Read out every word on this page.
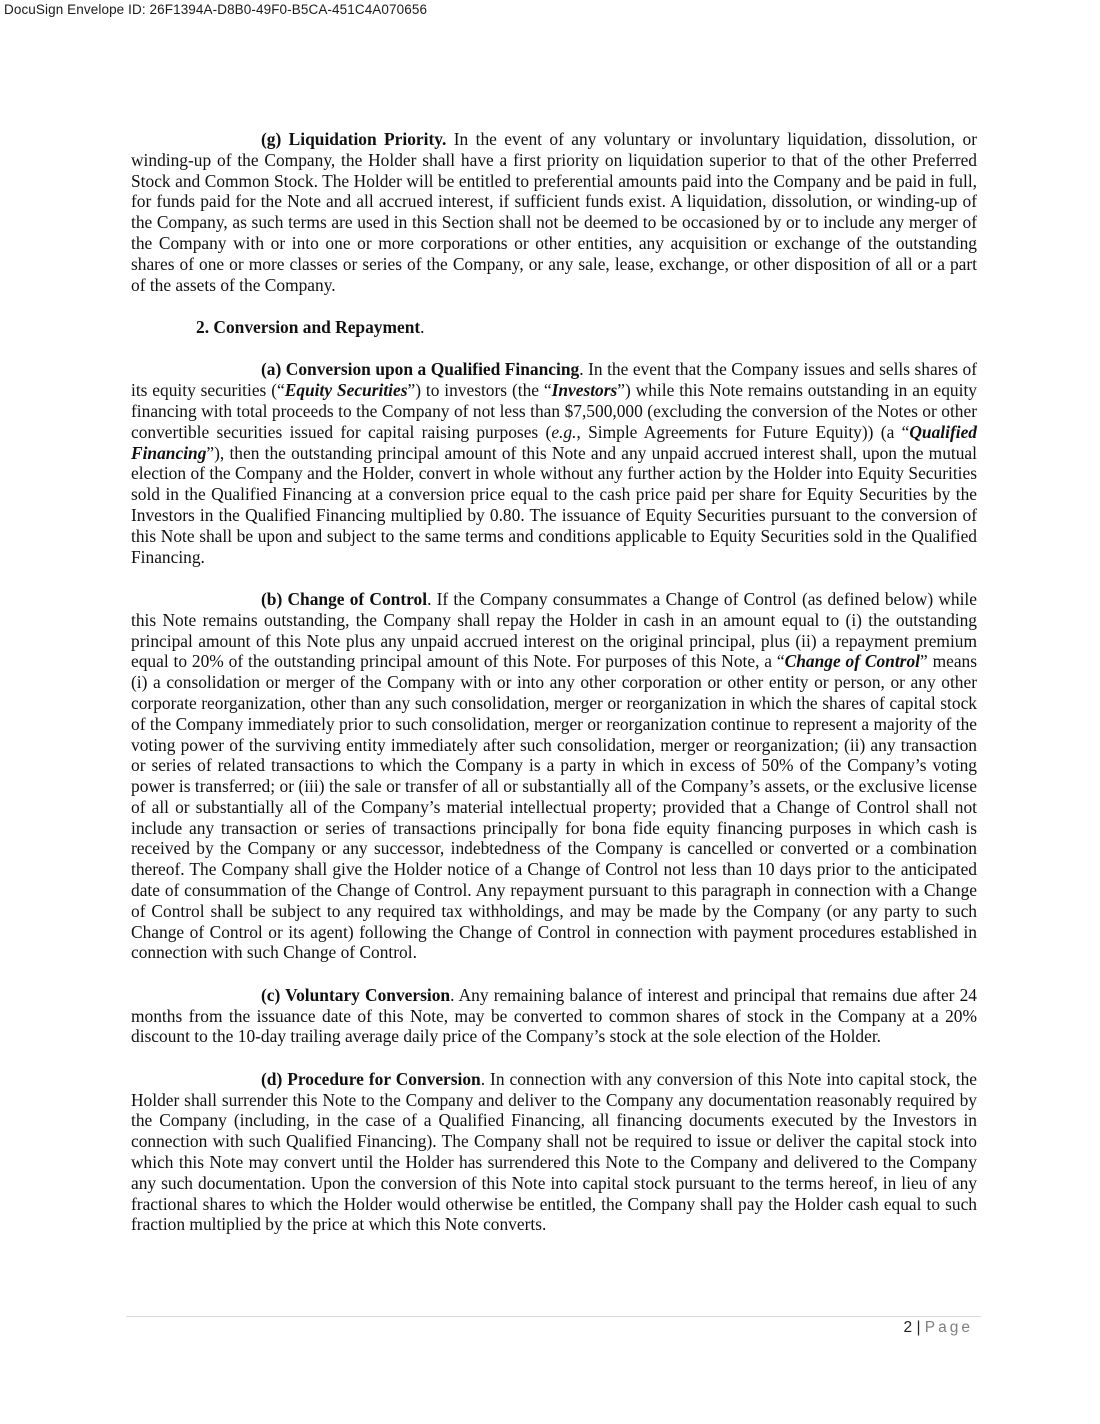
DocuSign Envelope ID: 26F1394A-D8B0-49F0-B5CA-451C4A070656

(g) Liquidation Priority. In the event of any voluntary or involuntary liquidation, dissolution, or winding-up of the Company, the Holder shall have a first priority on liquidation superior to that of the other Preferred Stock and Common Stock. The Holder will be entitled to preferential amounts paid into the Company and be paid in full, for funds paid for the Note and all accrued interest, if sufficient funds exist. A liquidation, dissolution, or winding-up of the Company, as such terms are used in this Section shall not be deemed to be occasioned by or to include any merger of the Company with or into one or more corporations or other entities, any acquisition or exchange of the outstanding shares of one or more classes or series of the Company, or any sale, lease, exchange, or other disposition of all or a part of the assets of the Company.

2. Conversion and Repayment.

(a) Conversion upon a Qualified Financing. In the event that the Company issues and sells shares of its equity securities (“Equity Securities”) to investors (the “Investors”) while this Note remains outstanding in an equity financing with total proceeds to the Company of not less than $7,500,000 (excluding the conversion of the Notes or other convertible securities issued for capital raising purposes (e.g., Simple Agreements for Future Equity)) (a “Qualified Financing”), then the outstanding principal amount of this Note and any unpaid accrued interest shall, upon the mutual election of the Company and the Holder, convert in whole without any further action by the Holder into Equity Securities sold in the Qualified Financing at a conversion price equal to the cash price paid per share for Equity Securities by the Investors in the Qualified Financing multiplied by 0.80. The issuance of Equity Securities pursuant to the conversion of this Note shall be upon and subject to the same terms and conditions applicable to Equity Securities sold in the Qualified Financing.

(b) Change of Control. If the Company consummates a Change of Control (as defined below) while this Note remains outstanding, the Company shall repay the Holder in cash in an amount equal to (i) the outstanding principal amount of this Note plus any unpaid accrued interest on the original principal, plus (ii) a repayment premium equal to 20% of the outstanding principal amount of this Note. For purposes of this Note, a “Change of Control” means (i) a consolidation or merger of the Company with or into any other corporation or other entity or person, or any other corporate reorganization, other than any such consolidation, merger or reorganization in which the shares of capital stock of the Company immediately prior to such consolidation, merger or reorganization continue to represent a majority of the voting power of the surviving entity immediately after such consolidation, merger or reorganization; (ii) any transaction or series of related transactions to which the Company is a party in which in excess of 50% of the Company’s voting power is transferred; or (iii) the sale or transfer of all or substantially all of the Company’s assets, or the exclusive license of all or substantially all of the Company’s material intellectual property; provided that a Change of Control shall not include any transaction or series of transactions principally for bona fide equity financing purposes in which cash is received by the Company or any successor, indebtedness of the Company is cancelled or converted or a combination thereof. The Company shall give the Holder notice of a Change of Control not less than 10 days prior to the anticipated date of consummation of the Change of Control. Any repayment pursuant to this paragraph in connection with a Change of Control shall be subject to any required tax withholdings, and may be made by the Company (or any party to such Change of Control or its agent) following the Change of Control in connection with payment procedures established in connection with such Change of Control.

(c) Voluntary Conversion. Any remaining balance of interest and principal that remains due after 24 months from the issuance date of this Note, may be converted to common shares of stock in the Company at a 20% discount to the 10-day trailing average daily price of the Company’s stock at the sole election of the Holder.

(d) Procedure for Conversion. In connection with any conversion of this Note into capital stock, the Holder shall surrender this Note to the Company and deliver to the Company any documentation reasonably required by the Company (including, in the case of a Qualified Financing, all financing documents executed by the Investors in connection with such Qualified Financing). The Company shall not be required to issue or deliver the capital stock into which this Note may convert until the Holder has surrendered this Note to the Company and delivered to the Company any such documentation. Upon the conversion of this Note into capital stock pursuant to the terms hereof, in lieu of any fractional shares to which the Holder would otherwise be entitled, the Company shall pay the Holder cash equal to such fraction multiplied by the price at which this Note converts.

2 | Page
